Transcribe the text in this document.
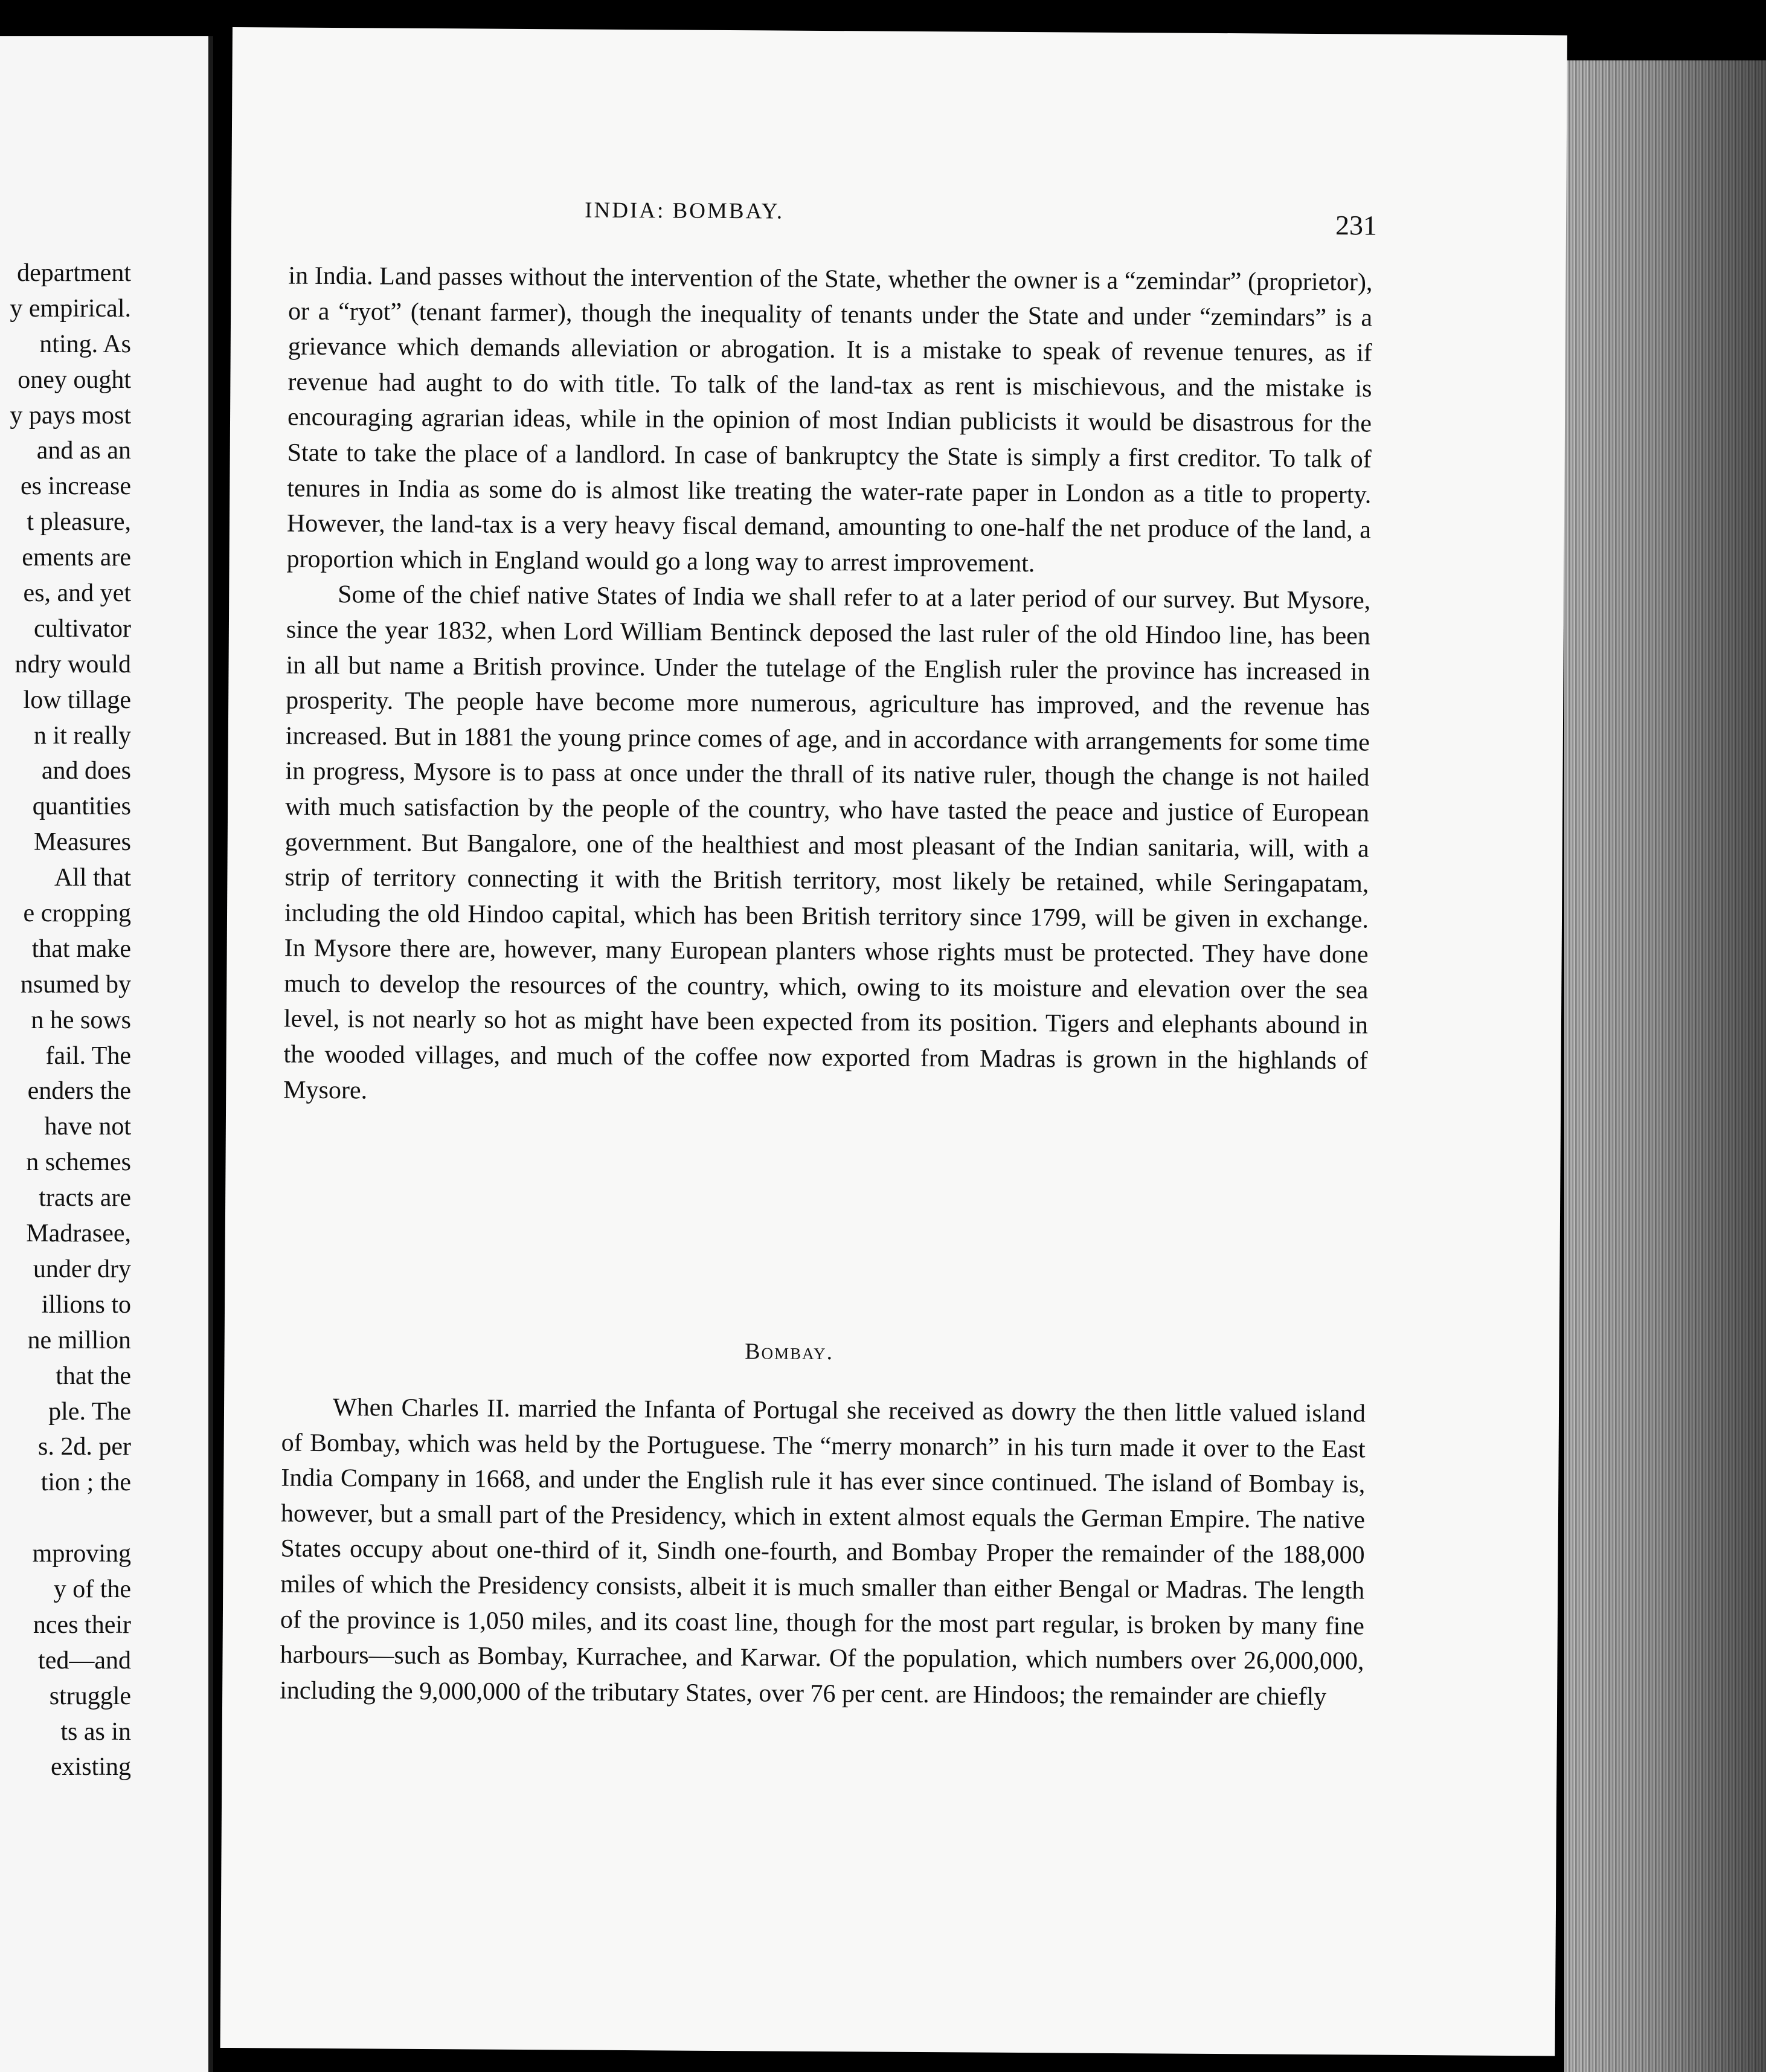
department
y empirical.
nting. As
oney ought
y pays most
and as an
es increase
t pleasure,
ements are
es, and yet
cultivator
ndry would
low tillage
n it really
and does
quantities
Measures
All that
e cropping
that make
nsumed by
n he sows
fail. The
enders the
have not
n schemes
tracts are
Madrasee,
under dry
illions to
ne million
that the
ple. The
s. 2d. per
tion ; the
mproving
y of the
nces their
ted—and
struggle
ts as in
existing
INDIA: BOMBAY.	231

in India. Land passes without the intervention of the State, whether the owner is a “zemindar” (proprietor), or a “ryot” (tenant farmer), though the inequality of tenants under the State and under “zemindars” is a grievance which demands alleviation or abrogation. It is a mistake to speak of revenue tenures, as if revenue had aught to do with title. To talk of the land-tax as rent is mischievous, and the mistake is encouraging agrarian ideas, while in the opinion of most Indian publicists it would be disastrous for the State to take the place of a landlord. In case of bankruptcy the State is simply a first creditor. To talk of tenures in India as some do is almost like treating the water-rate paper in London as a title to property. However, the land-tax is a very heavy fiscal demand, amounting to one-half the net produce of the land, a proportion which in England would go a long way to arrest improvement.

Some of the chief native States of India we shall refer to at a later period of our survey. But Mysore, since the year 1832, when Lord William Bentinck deposed the last ruler of the old Hindoo line, has been in all but name a British province. Under the tutelage of the English ruler the province has increased in prosperity. The people have become more numerous, agriculture has improved, and the revenue has increased. But in 1881 the young prince comes of age, and in accordance with arrangements for some time in progress, Mysore is to pass at once under the thrall of its native ruler, though the change is not hailed with much satisfaction by the people of the country, who have tasted the peace and justice of European government. But Bangalore, one of the healthiest and most pleasant of the Indian sanitaria, will, with a strip of territory connecting it with the British territory, most likely be retained, while Seringapatam, including the old Hindoo capital, which has been British territory since 1799, will be given in exchange. In Mysore there are, however, many European planters whose rights must be protected. They have done much to develop the resources of the country, which, owing to its moisture and elevation over the sea level, is not nearly so hot as might have been expected from its position. Tigers and elephants abound in the wooded villages, and much of the coffee now exported from Madras is grown in the highlands of Mysore.

Bombay.

When Charles II. married the Infanta of Portugal she received as dowry the then little valued island of Bombay, which was held by the Portuguese. The “merry monarch” in his turn made it over to the East India Company in 1668, and under the English rule it has ever since continued. The island of Bombay is, however, but a small part of the Presidency, which in extent almost equals the German Empire. The native States occupy about one-third of it, Sindh one-fourth, and Bombay Proper the remainder of the 188,000 miles of which the Presidency consists, albeit it is much smaller than either Bengal or Madras. The length of the province is 1,050 miles, and its coast line, though for the most part regular, is broken by many fine harbours—such as Bombay, Kurrachee, and Karwar. Of the population, which numbers over 26,000,000, including the 9,000,000 of the tributary States, over 76 per cent. are Hindoos; the remainder are chiefly
